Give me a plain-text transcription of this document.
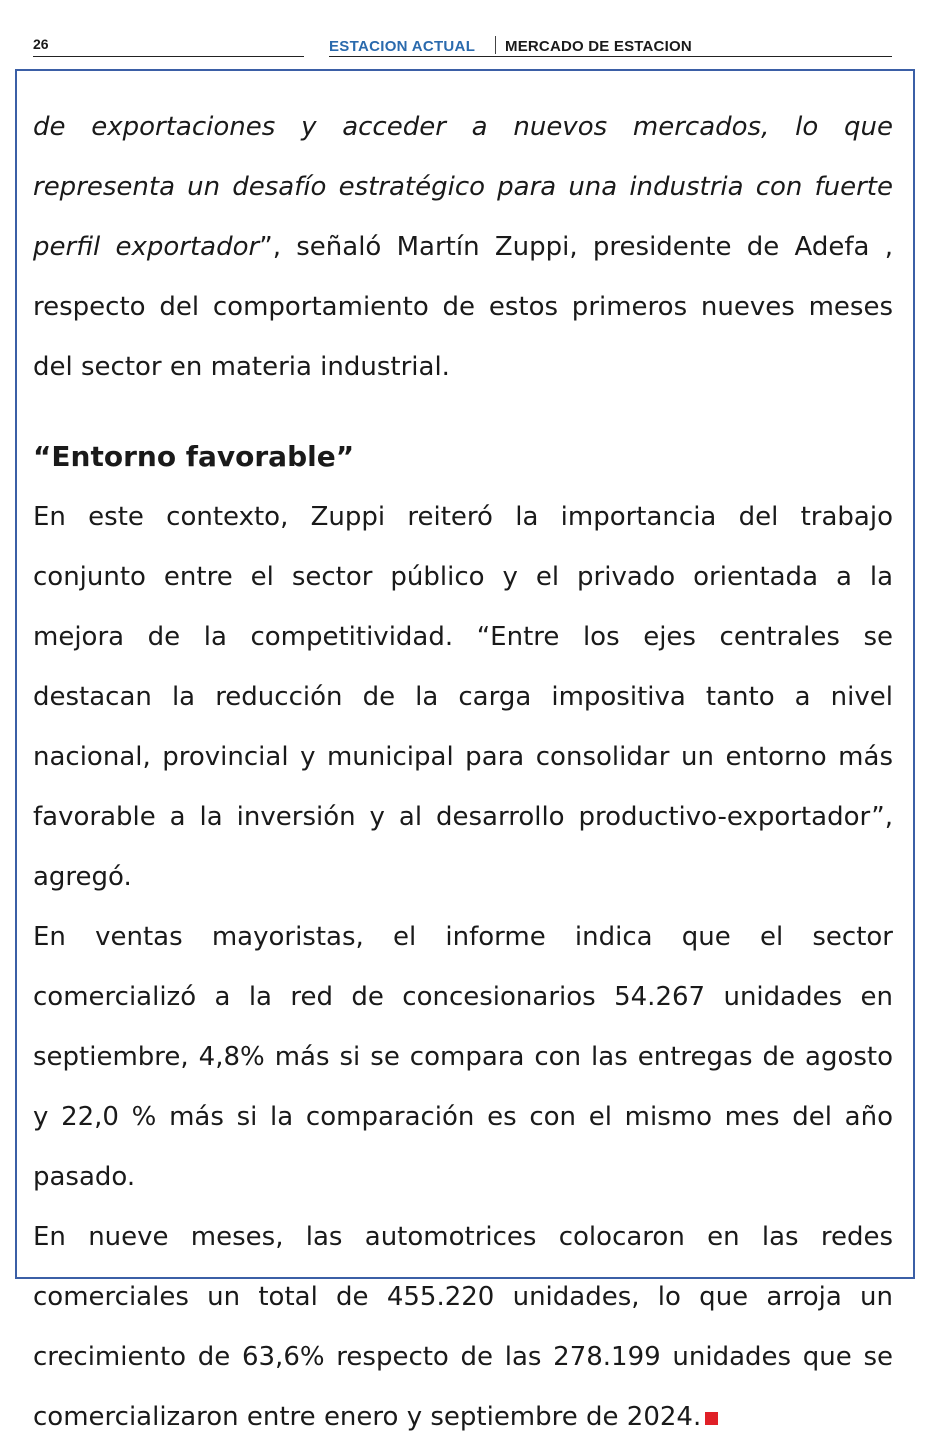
26	ESTACION ACTUAL MERCADO DE ESTACION

de exportaciones y acceder a nuevos mercados, lo que representa un desafío estratégico para una industria con fuerte perfil exportador”, señaló Martín Zuppi, presidente de Adefa , respecto del comportamiento de estos primeros nueves meses del sector en materia industrial.

“Entorno favorable”

En este contexto, Zuppi reiteró la importancia del trabajo conjunto entre el sector público y el privado orientada a la mejora de la competitividad. “Entre los ejes centrales se destacan la reducción de la carga impositiva tanto a nivel nacional, provincial y municipal para consolidar un entorno más favorable a la inversión y al desarrollo productivo-exportador”, agregó.

En ventas mayoristas, el informe indica que el sector comercializó a la red de concesionarios 54.267 unidades en septiembre, 4,8% más si se compara con las entregas de agosto y 22,0 % más si la comparación es con el mismo mes del año pasado.

En nueve meses, las automotrices colocaron en las redes comerciales un total de 455.220 unidades, lo que arroja un crecimiento de 63,6% respecto de las 278.199 unidades que se comercializaron entre enero y septiembre de 2024.
